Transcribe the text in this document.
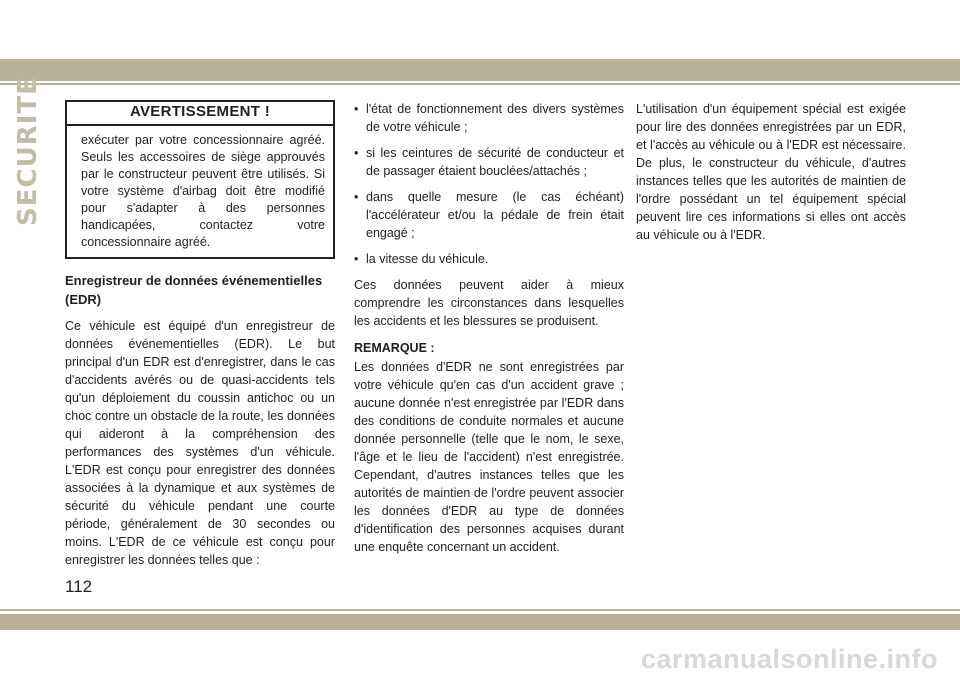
SECURITE	AVERTISSEMENT !
exécuter par votre concessionnaire agréé. Seuls les accessoires de siège approuvés par le constructeur peuvent être utilisés. Si votre système d'airbag doit être modifié pour s'adapter à des personnes handicapées, contactez votre concessionnaire agréé.
Enregistreur de données événementielles (EDR)

Ce véhicule est équipé d'un enregistreur de données événementielles (EDR). Le but principal d'un EDR est d'enregistrer, dans le cas d'accidents avérés ou de quasi-accidents tels qu'un déploiement du coussin antichoc ou un choc contre un obstacle de la route, les données qui aideront à la compréhension des performances des systèmes d'un véhicule. L'EDR est conçu pour enregistrer des données associées à la dynamique et aux systèmes de sécurité du véhicule pendant une courte période, généralement de 30 secondes ou moins. L'EDR de ce véhicule est conçu pour enregistrer les données telles que :

• l'état de fonctionnement des divers systèmes de votre véhicule ;
• si les ceintures de sécurité de conducteur et de passager étaient bouclées/attachés ;
• dans quelle mesure (le cas échéant) l'accélérateur et/ou la pédale de frein était engagé ;
• la vitesse du véhicule.

Ces données peuvent aider à mieux comprendre les circonstances dans lesquelles les accidents et les blessures se produisent.

REMARQUE :

Les données d'EDR ne sont enregistrées par votre véhicule qu'en cas d'un accident grave ; aucune donnée n'est enregistrée par l'EDR dans des conditions de conduite normales et aucune donnée personnelle (telle que le nom, le sexe, l'âge et le lieu de l'accident) n'est enregistrée. Cependant, d'autres instances telles que les autorités de maintien de l'ordre peuvent associer les données d'EDR au type de données d'identification des personnes acquises durant une enquête concernant un accident.

L'utilisation d'un équipement spécial est exigée pour lire des données enregistrées par un EDR, et l'accès au véhicule ou à l'EDR est nécessaire. De plus, le constructeur du véhicule, d'autres instances telles que les autorités de maintien de l'ordre possédant un tel équipement spécial peuvent lire ces informations si elles ont accès au véhicule ou à l'EDR.

112
carmanualsonline.info
